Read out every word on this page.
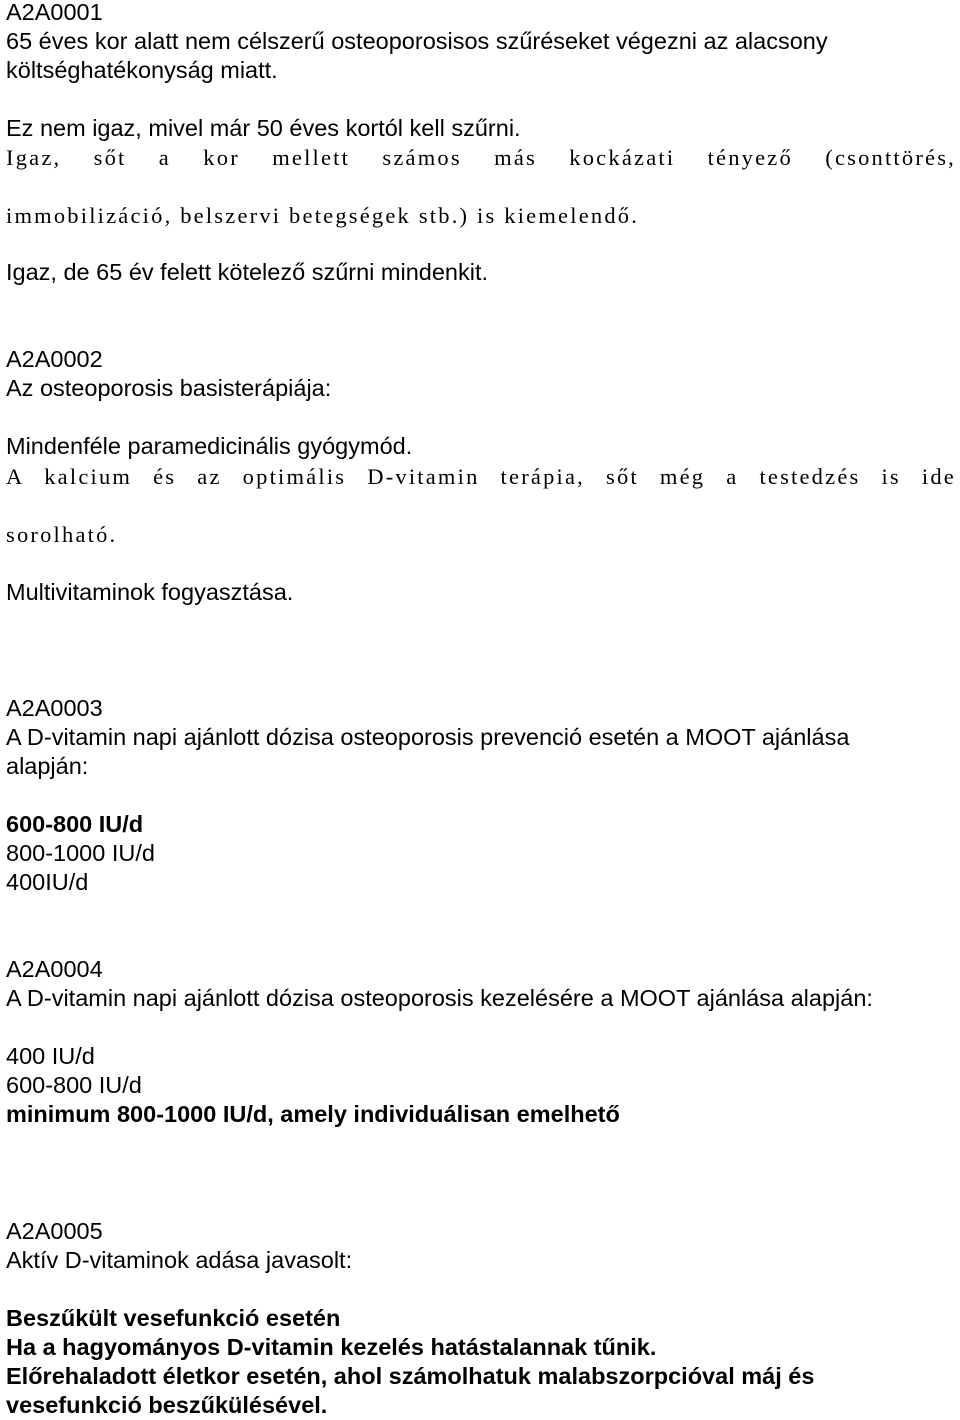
A2A0001
65 éves kor alatt nem célszerű osteoporosisos szűréseket végezni az alacsony
költséghatékonyság miatt.
Ez nem igaz, mivel már 50 éves kortól kell szűrni.
Igaz, sőt a kor mellett számos más kockázati tényező (csonttörés,
immobilizáció, belszervi betegségek stb.) is kiemelendő.
Igaz, de 65 év felett kötelező szűrni mindenkit.
A2A0002
Az osteoporosis basisterápiája:
Mindenféle paramedicinális gyógymód.
A kalcium és az optimális D-vitamin terápia, sőt még a testedzés is ide
sorolható.
Multivitaminok fogyasztása.
A2A0003
A D-vitamin napi ajánlott dózisa osteoporosis prevenció esetén a MOOT ajánlása
alapján:
600-800 IU/d
800-1000 IU/d
400IU/d
A2A0004
A D-vitamin napi ajánlott dózisa osteoporosis kezelésére a MOOT ajánlása alapján:
400 IU/d
600-800 IU/d
minimum 800-1000 IU/d, amely individuálisan emelhető
A2A0005
Aktív D-vitaminok adása javasolt:
Beszűkült vesefunkció esetén
Ha a hagyományos D-vitamin kezelés hatástalannak tűnik.
Előrehaladott életkor esetén, ahol számolhatuk malabszorpcióval máj és
vesefunkció beszűkülésével.
